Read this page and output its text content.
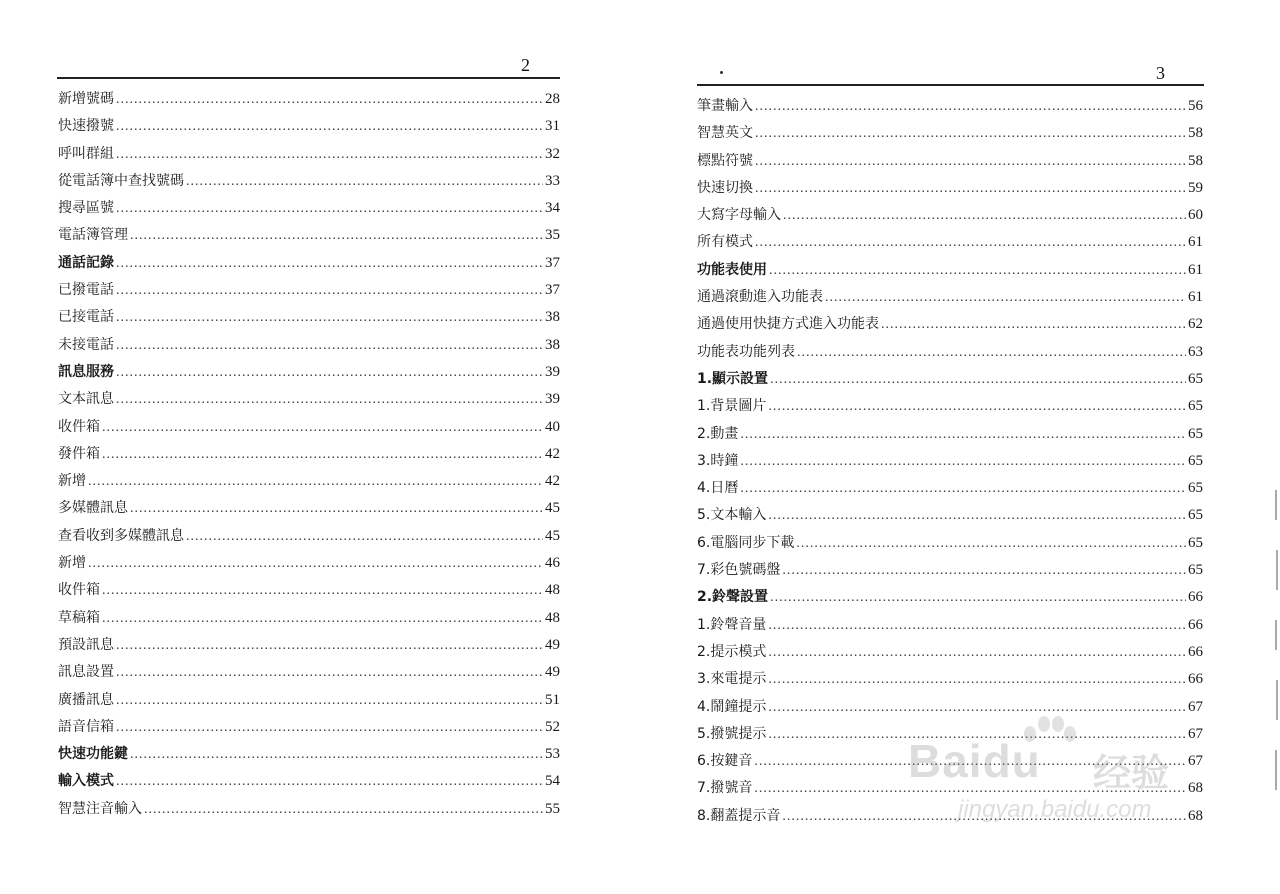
2
新增號碼 .....	28
快速撥號 .....	31
呼叫群組 .....	32
從電話簿中查找號碼 .....	33
搜尋區號 .....	34
電話簿管理 .....	35
通話記錄 .....	37
已撥電話 .....	37
已接電話 .....	38
未接電話 .....	38
訊息服務 .....	39
文本訊息 .....	39
收件箱 .....	40
發件箱 .....	42
新增 .....	42
多媒體訊息 .....	45
查看收到多媒體訊息 .....	45
新增 .....	46
收件箱 .....	48
草稿箱 .....	48
預設訊息 .....	49
訊息設置 .....	49
廣播訊息 .....	51
語音信箱 .....	52
快速功能鍵 .....	53
輸入模式 .....	54
智慧注音輸入 .....	55
3
筆畫輸入 .....	56
智慧英文 .....	58
標點符號 .....	58
快速切換 .....	59
大寫字母輸入 .....	60
所有模式 .....	61
功能表使用 .....	61
通過滾動進入功能表 .....	61
通過使用快捷方式進入功能表 .....	62
功能表功能列表 .....	63
1.顯示設置 .....	65
1.背景圖片 .....	65
2.動畫 .....	65
3.時鐘 .....	65
4.日曆 .....	65
5.文本輸入 .....	65
6.電腦同步下載 .....	65
7.彩色號碼盤 .....	65
2.鈴聲設置 .....	66
1.鈴聲音量 .....	66
2.提示模式 .....	66
3.來電提示 .....	66
4.鬧鐘提示 .....	67
5.撥號提示 .....	67
6.按鍵音 .....	67
7.撥號音 .....	68
8.翻蓋提示音 .....	68
Baidu 经验
jingyan.baidu.com
